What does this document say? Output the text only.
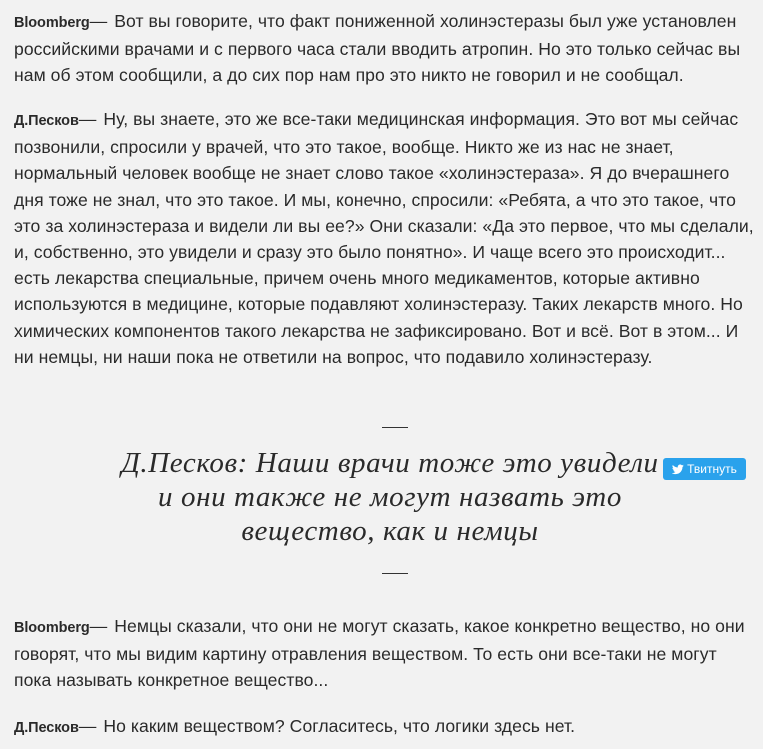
Bloomberg— Вот вы говорите, что факт пониженной холинэстеразы был уже установлен российскими врачами и с первого часа стали вводить атропин. Но это только сейчас вы нам об этом сообщили, а до сих пор нам про это никто не говорил и не сообщал.

Д.Песков— Ну, вы знаете, это же все-таки медицинская информация. Это вот мы сейчас позвонили, спросили у врачей, что это такое, вообще. Никто же из нас не знает, нормальный человек вообще не знает слово такое «холинэстераза». Я до вчерашнего дня тоже не знал, что это такое. И мы, конечно, спросили: «Ребята, а что это такое, что это за холинэстераза и видели ли вы ее?» Они сказали: «Да это первое, что мы сделали, и, собственно, это увидели и сразу это было понятно». И чаще всего это происходит... есть лекарства специальные, причем очень много медикаментов, которые активно используются в медицине, которые подавляют холинэстеразу. Таких лекарств много. Но химических компонентов такого лекарства не зафиксировано. Вот и всё. Вот в этом... И ни немцы, ни наши пока не ответили на вопрос, что подавило холинэстеразу.

Bloomberg— Немцы сказали, что они не могут сказать, какое конкретно вещество, но они говорят, что мы видим картину отравления веществом. То есть они все-таки не могут пока называть конкретное вещество...

Д.Песков— Но каким веществом? Согласитесь, что логики здесь нет.

Д.Песков: Наши врачи тоже это увидели
и они также не могут назвать это
вещество, как и немцы

Твитнуть
